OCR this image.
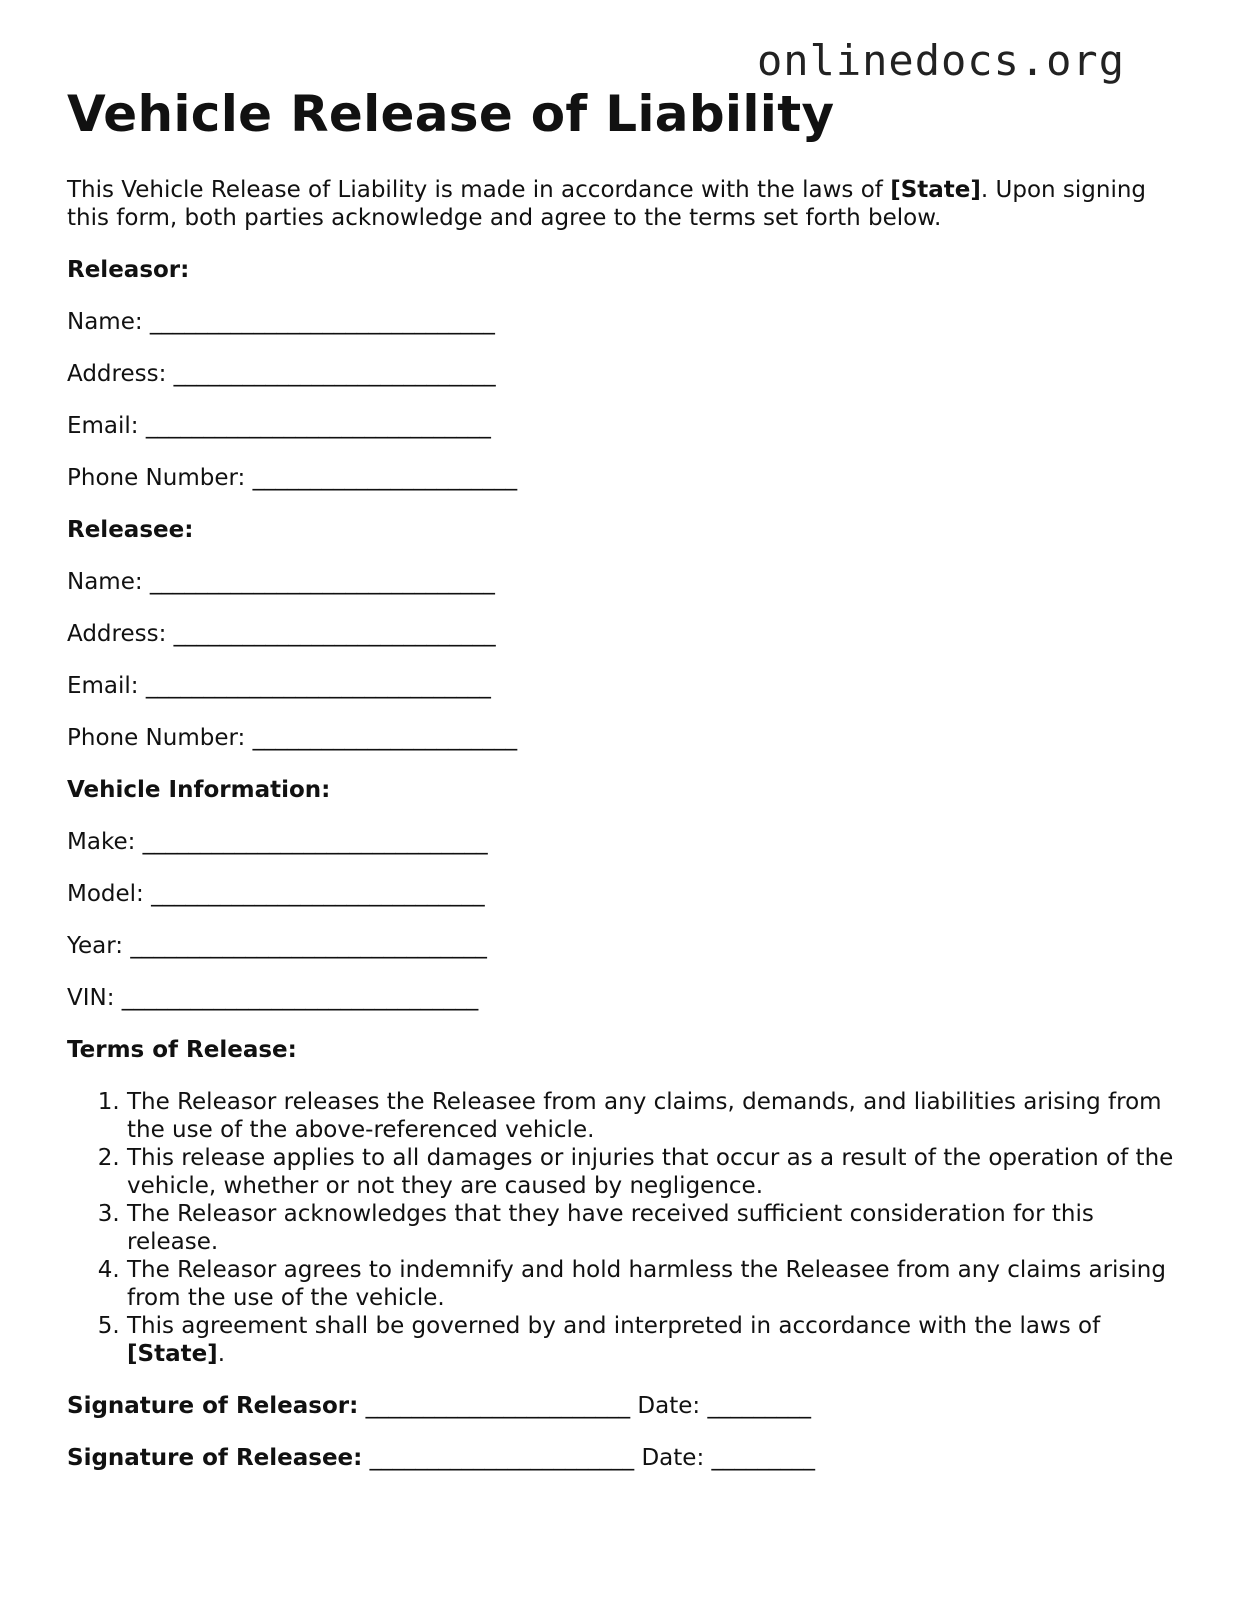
onlinedocs.org
Vehicle Release of Liability

This Vehicle Release of Liability is made in accordance with the laws of [State]. Upon signing this form, both parties acknowledge and agree to the terms set forth below.

Releasor:

Name: ______________________________

Address: ____________________________

Email: ______________________________

Phone Number: _______________________

Releasee:

Name: ______________________________

Address: ____________________________

Email: ______________________________

Phone Number: _______________________

Vehicle Information:

Make: ______________________________

Model: _____________________________

Year: _______________________________

VIN: _______________________________

Terms of Release:

1. The Releasor releases the Releasee from any claims, demands, and liabilities arising from the use of the above-referenced vehicle.
2. This release applies to all damages or injuries that occur as a result of the operation of the vehicle, whether or not they are caused by negligence.
3. The Releasor acknowledges that they have received sufficient consideration for this release.
4. The Releasor agrees to indemnify and hold harmless the Releasee from any claims arising from the use of the vehicle.
5. This agreement shall be governed by and interpreted in accordance with the laws of [State].

Signature of Releasor: _______________________ Date: _________

Signature of Releasee: _______________________ Date: _________
